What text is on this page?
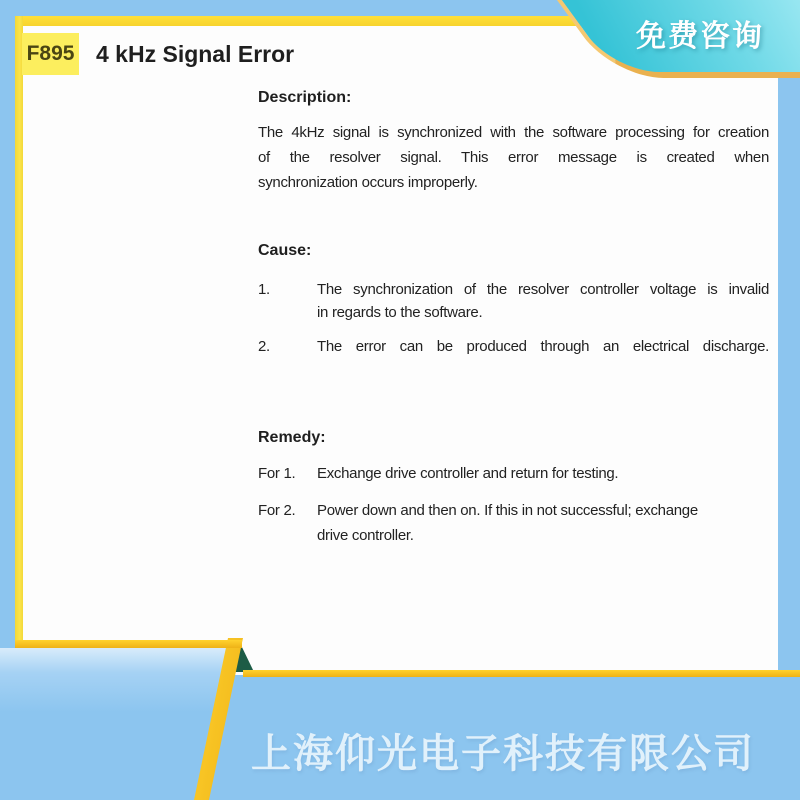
F895 4 kHz Signal Error
Description:
The 4kHz signal is synchronized with the software processing for creation
of the resolver signal. This error message is created when
synchronization occurs improperly.
Cause:
1.	The synchronization of the resolver controller voltage is invalid
in regards to the software.
2.	The error can be produced through an electrical discharge.
Remedy:
For 1.	Exchange drive controller and return for testing.
For 2.	Power down and then on. If this in not successful; exchange
drive controller.
上海仰光电子科技有限公司
免费咨询
